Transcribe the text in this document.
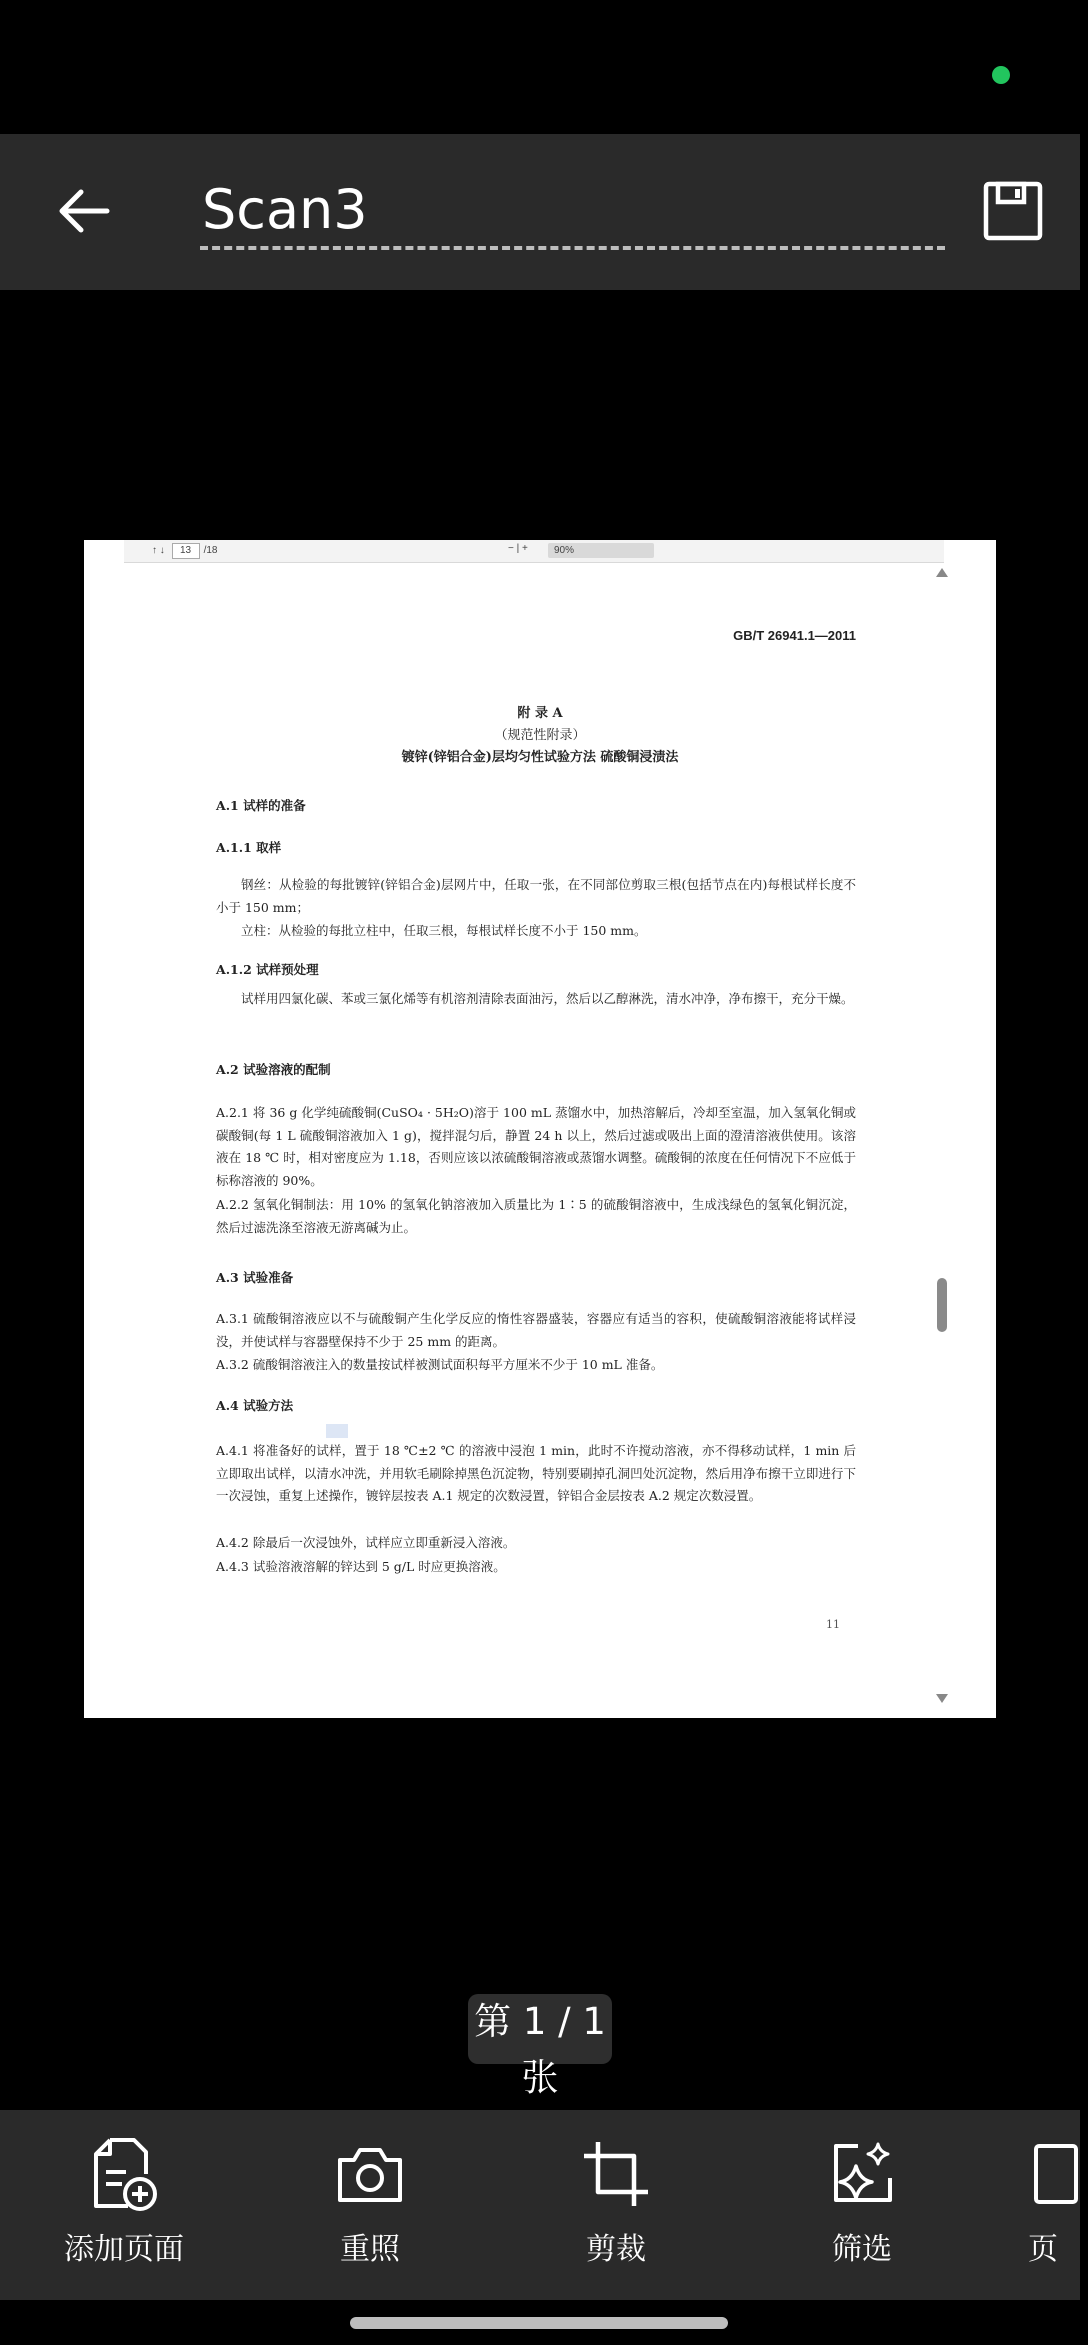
Scan3
↑ ↓ 13 /18	− | +	90%
GB/T 26941.1—2011
附 录 A
（规范性附录）
镀锌(锌铝合金)层均匀性试验方法 硫酸铜浸渍法
A.1 试样的准备
A.1.1 取样
钢丝：从检验的每批镀锌(锌铝合金)层网片中，任取一张，在不同部位剪取三根(包括节点在内)每根试样长度不小于 150 mm；
立柱：从检验的每批立柱中，任取三根，每根试样长度不小于 150 mm。
A.1.2 试样预处理
试样用四氯化碳、苯或三氯化烯等有机溶剂清除表面油污，然后以乙醇淋洗，清水冲净，净布擦干，充分干燥。
A.2 试验溶液的配制
A.2.1 将 36 g 化学纯硫酸铜(CuSO₄ · 5H₂O)溶于 100 mL 蒸馏水中，加热溶解后，冷却至室温，加入氢氧化铜或碳酸铜(每 1 L 硫酸铜溶液加入 1 g)，搅拌混匀后，静置 24 h 以上，然后过滤或吸出上面的澄清溶液供使用。该溶液在 18 ℃ 时，相对密度应为 1.18，否则应该以浓硫酸铜溶液或蒸馏水调整。硫酸铜的浓度在任何情况下不应低于标称溶液的 90%。
A.2.2 氢氧化铜制法：用 10% 的氢氧化钠溶液加入质量比为 1∶5 的硫酸铜溶液中，生成浅绿色的氢氧化铜沉淀，然后过滤洗涤至溶液无游离碱为止。
A.3 试验准备
A.3.1 硫酸铜溶液应以不与硫酸铜产生化学反应的惰性容器盛装，容器应有适当的容积，使硫酸铜溶液能将试样浸没，并使试样与容器壁保持不少于 25 mm 的距离。
A.3.2 硫酸铜溶液注入的数量按试样被测试面积每平方厘米不少于 10 mL 准备。
A.4 试验方法
A.4.1 将准备好的试样，置于 18 ℃±2 ℃ 的溶液中浸泡 1 min，此时不许搅动溶液，亦不得移动试样，1 min 后立即取出试样，以清水冲洗，并用软毛刷除掉黑色沉淀物，特别要刷掉孔洞凹处沉淀物，然后用净布擦干立即进行下一次浸蚀，重复上述操作，镀锌层按表 A.1 规定的次数浸置，锌铝合金层按表 A.2 规定次数浸置。
A.4.2 除最后一次浸蚀外，试样应立即重新浸入溶液。
A.4.3 试验溶液溶解的锌达到 5 g/L 时应更换溶液。
11
第 1 / 1
张
添加页面	重照	剪裁	筛选	页
